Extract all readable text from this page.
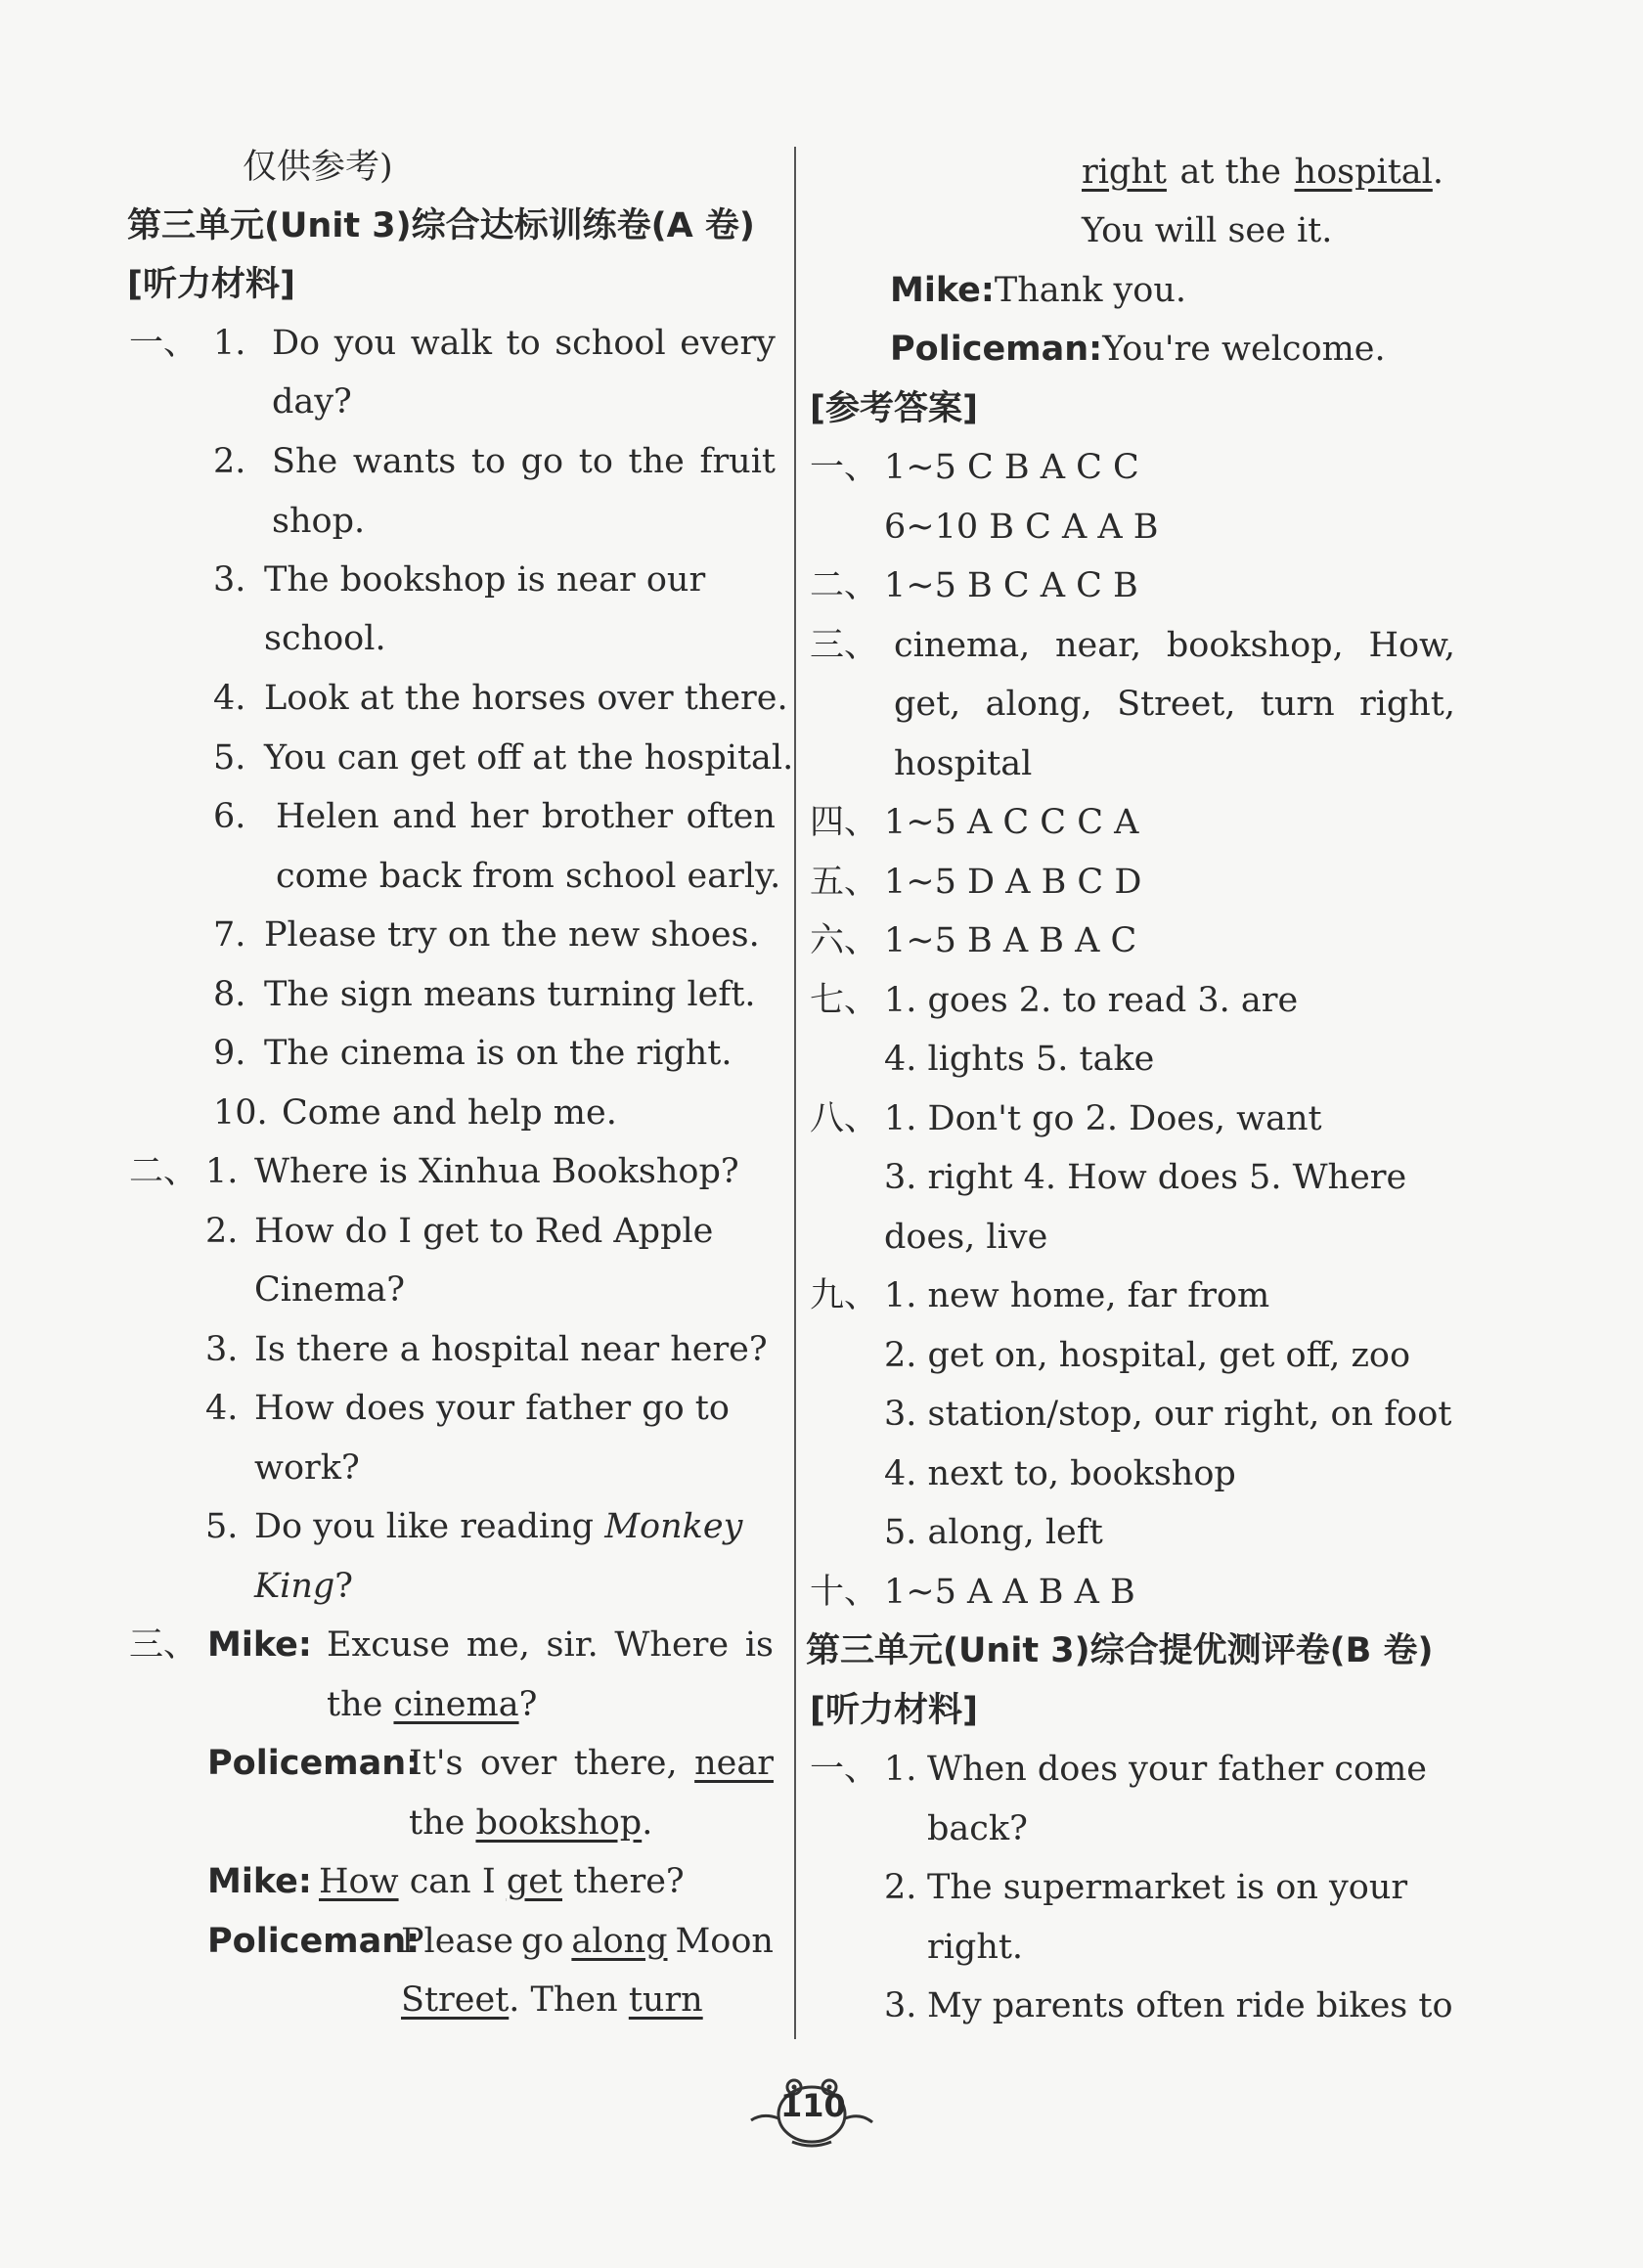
仅供参考)
第三单元(Unit 3)综合达标训练卷(A 卷)
[听力材料]
一、 1. Do you walk to school every
day?
2. She wants to go to the fruit
shop.
3. The bookshop is near our
school.
4. Look at the horses over there.
5. You can get off at the hospital.
6. Helen and her brother often
come back from school early.
7. Please try on the new shoes.
8. The sign means turning left.
9. The cinema is on the right.
10. Come and help me.
二、 1. Where is Xinhua Bookshop?
2. How do I get to Red Apple
Cinema?
3. Is there a hospital near here?
4. How does your father go to
work?
5. Do you like reading Monkey
King?
三、 Mike: Excuse me, sir. Where is
the cinema?
Policeman:
It's over there, near
the bookshop.
Mike: How can I get there?
Policeman:
Please go along Moon
Street. Then turn
right at the hospital.
You will see it.
Mike:Thank you.
Policeman:You're welcome.
[参考答案]
一、 1~5 C B A C C
6~10 B C A A B
二、 1~5 B C A C B
三、 cinema, near, bookshop, How,
get, along, Street, turn right,
hospital
四、 1~5 A C C C A
五、 1~5 D A B C D
六、 1~5 B A B A C
七、 1. goes 2. to read 3. are
4. lights 5. take
八、 1. Don't go 2. Does, want
3. right 4. How does 5. Where
does, live
九、 1. new home, far from
2. get on, hospital, get off, zoo
3. station/stop, our right, on foot
4. next to, bookshop
5. along, left
十、 1~5 A A B A B
第三单元(Unit 3)综合提优测评卷(B 卷)
[听力材料]
一、 1. When does your father come
back?
2. The supermarket is on your
right.
3. My parents often ride bikes to
110
